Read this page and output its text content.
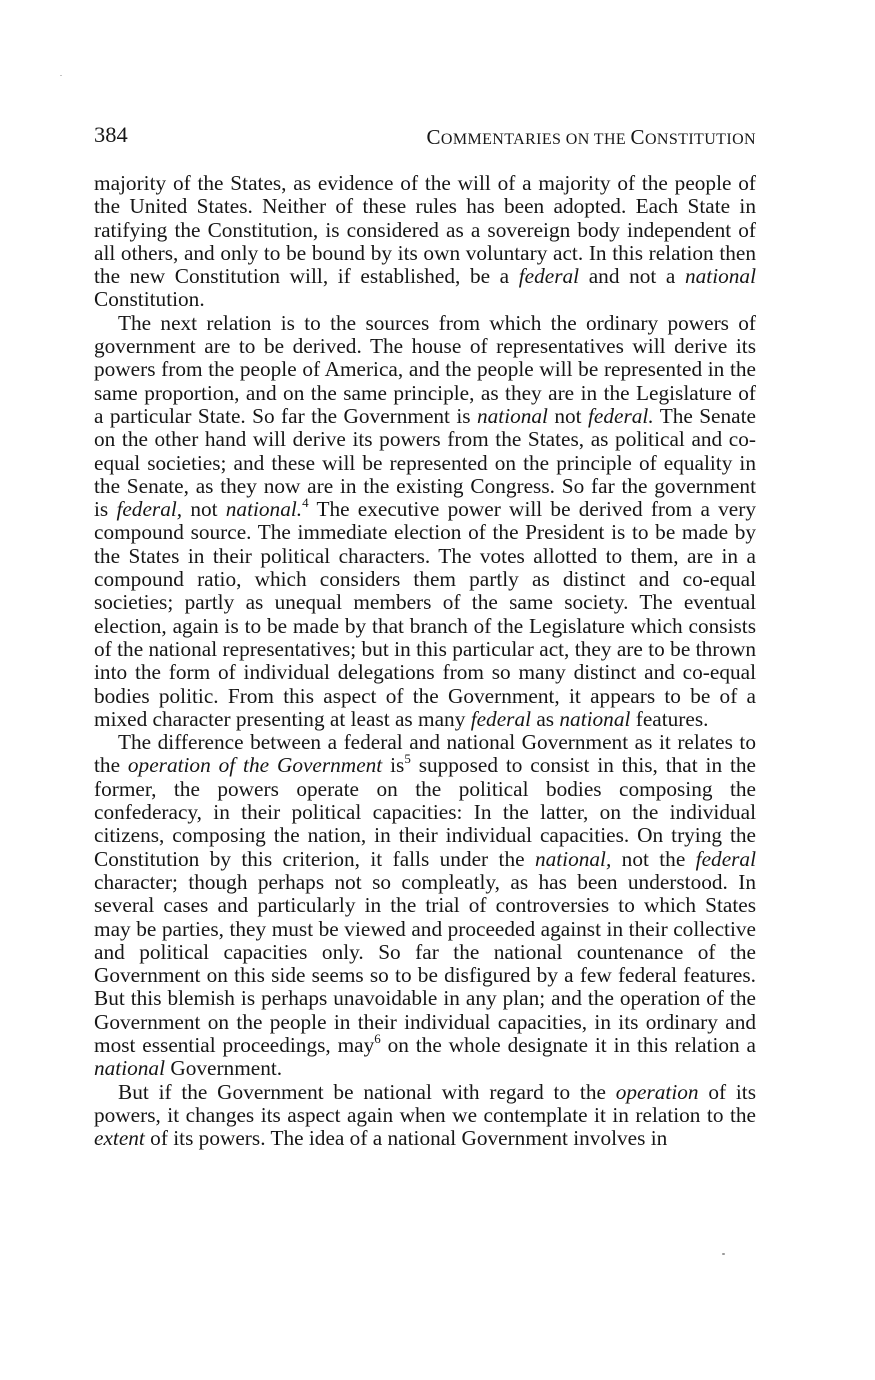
384	COMMENTARIES ON THE CONSTITUTION

majority of the States, as evidence of the will of a majority of the people of the United States. Neither of these rules has been adopted. Each State in ratifying the Constitution, is considered as a sovereign body independent of all others, and only to be bound by its own voluntary act. In this relation then the new Constitution will, if established, be a federal and not a national Constitution.

The next relation is to the sources from which the ordinary powers of government are to be derived. The house of representatives will derive its powers from the people of America, and the people will be represented in the same proportion, and on the same principle, as they are in the Legislature of a particular State. So far the Government is national not federal. The Senate on the other hand will derive its powers from the States, as political and co-equal societies; and these will be represented on the principle of equality in the Senate, as they now are in the existing Congress. So far the government is federal, not national.$^4$ The executive power will be derived from a very compound source. The immediate election of the President is to be made by the States in their political characters. The votes allotted to them, are in a compound ratio, which considers them partly as distinct and co-equal societies; partly as unequal members of the same society. The eventual election, again is to be made by that branch of the Legislature which consists of the national representatives; but in this particular act, they are to be thrown into the form of individual delegations from so many distinct and co-equal bodies politic. From this aspect of the Government, it appears to be of a mixed character presenting at least as many federal as national features.

The difference between a federal and national Government as it relates to the operation of the Government $is^5$ supposed to consist in this, that in the former, the powers operate on the political bodies composing the confederacy, in their political capacities: In the latter, on the individual citizens, composing the nation, in their individual capacities. On trying the Constitution by this criterion, it falls under the national, not the federal character; though perhaps not so compleatly, as has been understood. In several cases and particularly in the trial of controversies to which States may be parties, they must be viewed and proceeded against in their collective and political capacities only. So far the national countenance of the Government on this side seems so to be disfigured by a few federal features. But this blemish is perhaps unavoidable in any plan; and the operation of the Government on the people in their individual capacities, in its ordinary and most essential proceedings, may$^6$ on the whole designate it in this relation a national Government.

But if the Government be national with regard to the operation of its powers, it changes its aspect again when we contemplate it in relation to the extent of its powers. The idea of a national Government involves in
